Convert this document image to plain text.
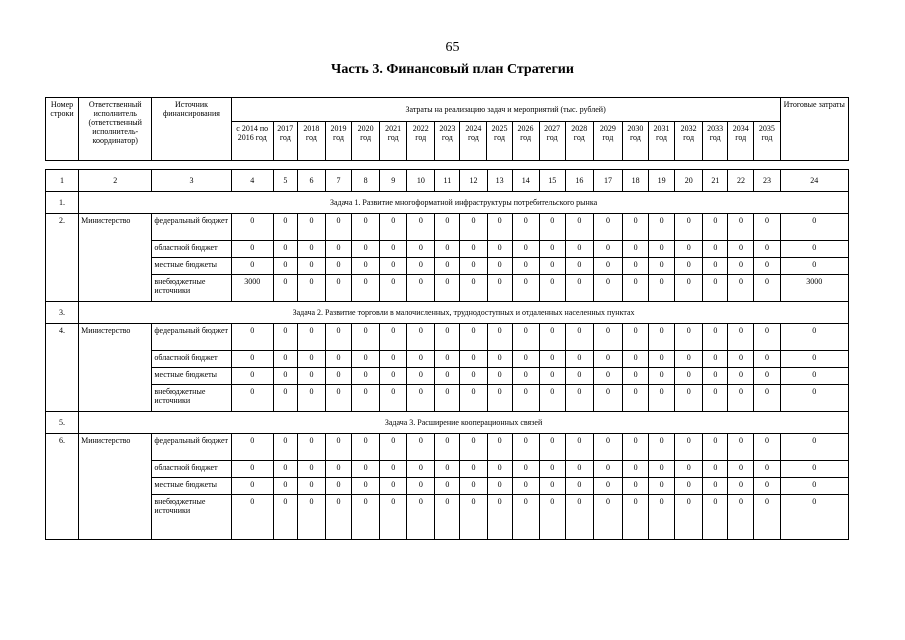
65
Часть 3. Финансовый план Стратегии
Номер строки	Ответственный исполнитель (ответственный исполнитель-координатор)	Источник финансирования	Затраты на реализацию задач и мероприятий (тыс. рублей)																				Итоговые затраты
			с 2014 по 2016 год	2017 год	2018 год	2019 год	2020 год	2021 год	2022 год	2023 год	2024 год	2025 год	2026 год	2027 год	2028 год	2029 год	2030 год	2031 год	2032 год	2033 год	2034 год	2035 год	
1	2	3	4	5	6	7	8	9	10	11	12	13	14	15	16	17	18	19	20	21	22	23	24
1.	Задача 1. Развитие многоформатной инфраструктуры потребительского рынка																						
2.	Министерство	федеральный бюджет	0	0	0	0	0	0	0	0	0	0	0	0	0	0	0	0	0	0	0	0	0
		областной бюджет	0	0	0	0	0	0	0	0	0	0	0	0	0	0	0	0	0	0	0	0	0
		местные бюджеты	0	0	0	0	0	0	0	0	0	0	0	0	0	0	0	0	0	0	0	0	0
		внебюджетные источники	3000	0	0	0	0	0	0	0	0	0	0	0	0	0	0	0	0	0	0	0	3000
3.	Задача 2. Развитие торговли в малочисленных, труднодоступных и отдаленных населенных пунктах																						
4.	Министерство	федеральный бюджет	0	0	0	0	0	0	0	0	0	0	0	0	0	0	0	0	0	0	0	0	0
		областной бюджет	0	0	0	0	0	0	0	0	0	0	0	0	0	0	0	0	0	0	0	0	0
		местные бюджеты	0	0	0	0	0	0	0	0	0	0	0	0	0	0	0	0	0	0	0	0	0
		внебюджетные источники	0	0	0	0	0	0	0	0	0	0	0	0	0	0	0	0	0	0	0	0	0
5.	Задача 3. Расширение кооперационных связей																						
6.	Министерство	федеральный бюджет	0	0	0	0	0	0	0	0	0	0	0	0	0	0	0	0	0	0	0	0	0
		областной бюджет	0	0	0	0	0	0	0	0	0	0	0	0	0	0	0	0	0	0	0	0	0
		местные бюджеты	0	0	0	0	0	0	0	0	0	0	0	0	0	0	0	0	0	0	0	0	0
		внебюджетные источники	0	0	0	0	0	0	0	0	0	0	0	0	0	0	0	0	0	0	0	0	0
